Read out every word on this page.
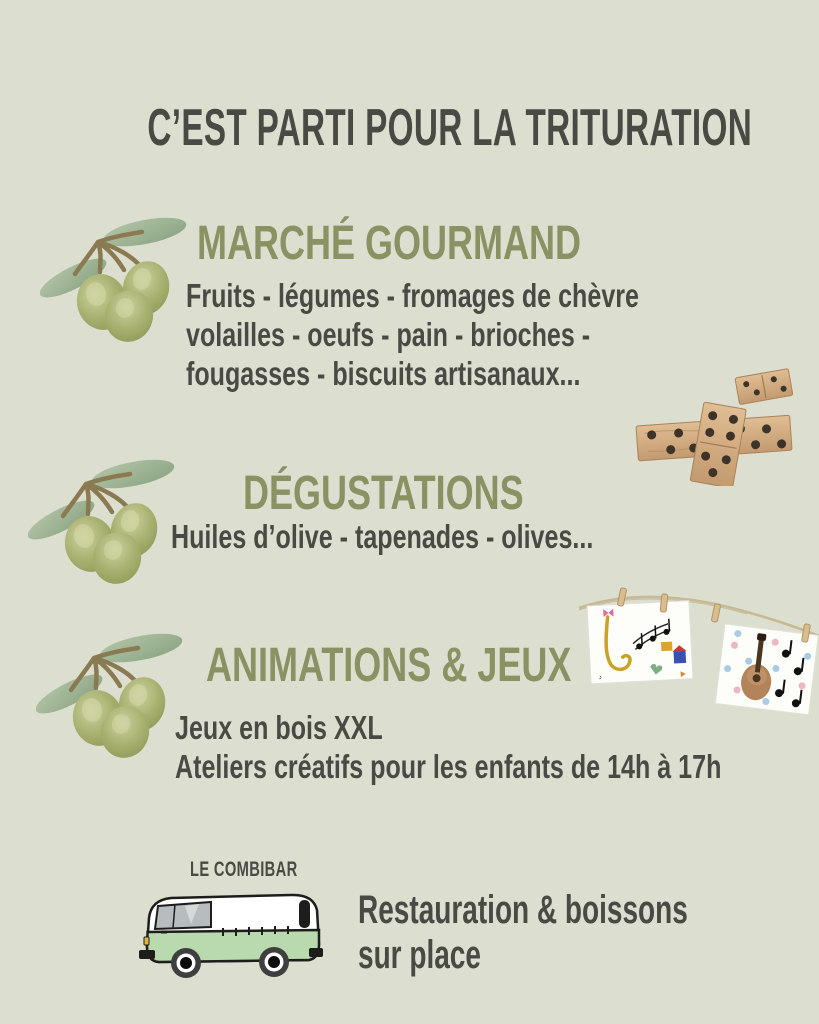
C’EST PARTI POUR LA TRITURATION
MARCHÉ GOURMAND
Fruits - légumes - fromages de chèvre
volailles - oeufs - pain - brioches -
fougasses - biscuits artisanaux...
DÉGUSTATIONS
Huiles d’olive - tapenades - olives...
♪
ANIMATIONS & JEUX
Jeux en bois XXL
Ateliers créatifs pour les enfants de 14h à 17h
LE COMBIBAR
Restauration & boissons
sur place
